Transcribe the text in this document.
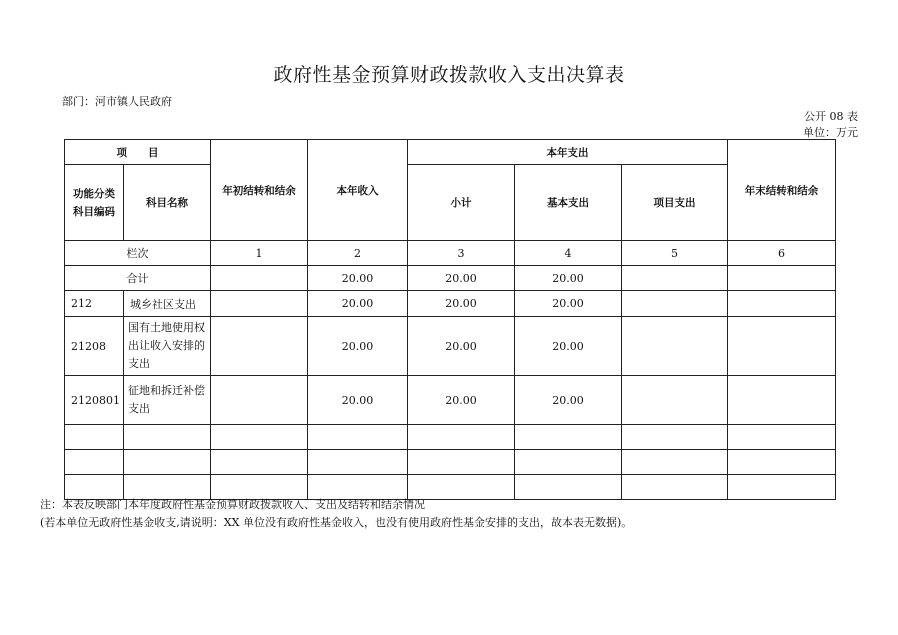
政府性基金预算财政拨款收入支出决算表
部门：河市镇人民政府
公开 08 表
单位：万元
项　　目		年初结转和结余	本年收入	本年支出			年末结转和结余
功能分类科目编码	科目名称			小计	基本支出	项目支出	
栏次		1	2	3	4	5	6
合计			20.00	20.00	20.00		
212	城乡社区支出		20.00	20.00	20.00		
21208	国有土地使用权出让收入安排的支出		20.00	20.00	20.00		
2120801	征地和拆迁补偿支出		20.00	20.00	20.00		

注：本表反映部门本年度政府性基金预算财政拨款收入、支出及结转和结余情况
(若本单位无政府性基金收支,请说明：XX 单位没有政府性基金收入，也没有使用政府性基金安排的支出，故本表无数据)。
